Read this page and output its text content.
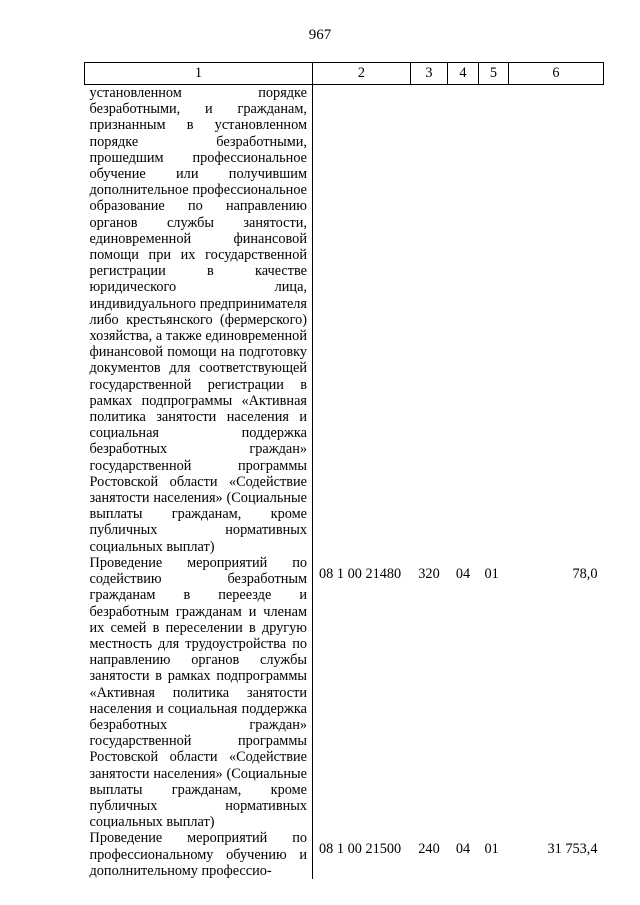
967
1	2	3	4	5	6
установленном порядке безработными, и гражданам, признанным в установленном порядке безработными, прошедшим профессиональное обучение или получившим дополнительное профессиональное образование по направлению органов службы занятости, единовременной финансовой помощи при их государственной регистрации в качестве юридического лица, индивидуального предпринимателя либо крестьянского (фермерского) хозяйства, а также единовременной финансовой помощи на подготовку документов для соответствующей государственной регистрации в рамках подпрограммы «Активная политика занятости населения и социальная поддержка безработных граждан» государственной программы Ростовской области «Содействие занятости населения» (Социальные выплаты гражданам, кроме публичных нормативных социальных выплат)					
Проведение мероприятий по содействию безработным гражданам в переезде и безработным гражданам и членам их семей в переселении в другую местность для трудоустройства по направлению органов службы занятости в рамках подпрограммы «Активная политика занятости населения и социальная поддержка безработных граждан» государственной программы Ростовской области «Содействие занятости населения» (Социальные выплаты гражданам, кроме публичных нормативных социальных выплат)	08 1 00 21480	320	04	01	78,0
Проведение мероприятий по профессиональному обучению и дополнительному профессио-	08 1 00 21500	240	04	01	31 753,4
